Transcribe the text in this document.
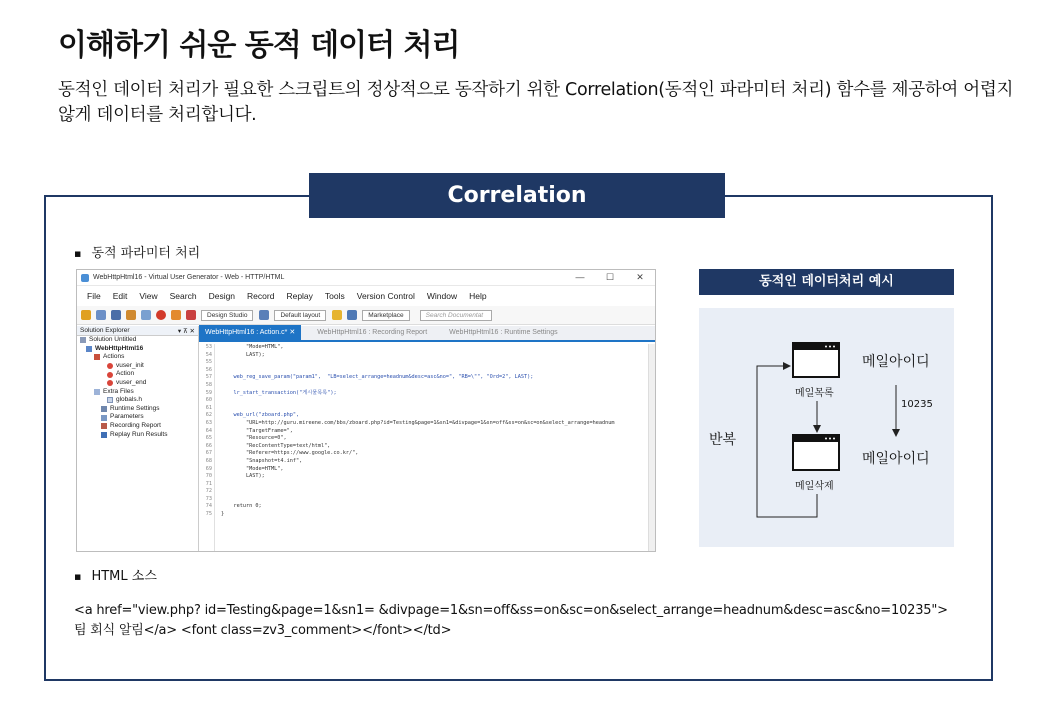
이해하기 쉬운 동적 데이터 처리
동적인 데이터 처리가 필요한 스크립트의 정상적으로 동작하기 위한 Correlation(동적인 파라미터 처리) 함수를 제공하여 어렵지 않게 데이터를 처리합니다.
Correlation
▪ 동적 파라미터 처리
WebHttpHtml16 - Virtual User Generator - Web - HTTP/HTML	—	☐	✕
File Edit View Search Design Record Replay Tools Version Control Window Help
Design Studio	Default layout	Marketplace	Search Documentat
Solution Explorer	▾ ⊼ ✕
Solution Untitled
WebHttpHtml16
Actions
vuser_init
Action
vuser_end
Extra Files
globals.h
Runtime Settings
Parameters
Recording Report
Replay Run Results
WebHttpHtml16 : Action.c* ✕	WebHttpHtml16 : Recording Report	WebHttpHtml16 : Runtime Settings
53
54
55
56
57
58
59
60
61
62
63
64
65
66
67
68
69
70
71
72
73
74
75
"Mode=HTML",
LAST);
web_reg_save_param("param1",  "LB=select_arrange=headnum&desc=asc&no=", "RB=\"", "Ord=2", LAST);
lr_start_transaction("게시물목록");
web_url("zboard.php",
"URL=http://guru.mireene.com/bbs/zboard.php?id=Testing&page=1&sn1=&divpage=1&sn=off&ss=on&sc=on&select_arrange=headnum
"TargetFrame=",
"Resource=0",
"RecContentType=text/html",
"Referer=https://www.google.co.kr/",
"Snapshot=t4.inf",
"Mode=HTML",
LAST);
return 0;
}
동적인 데이터처리 예시
메일목록
메일삭제
메일아이디
메일아이디
10235
반복
▪ HTML 소스
<a href="view.php? id=Testing&page=1&sn1= &divpage=1&sn=off&ss=on&sc=on&select_arrange=headnum&desc=asc&no=10235">
팀 회식 알림</a> <font class=zv3_comment></font></td>
